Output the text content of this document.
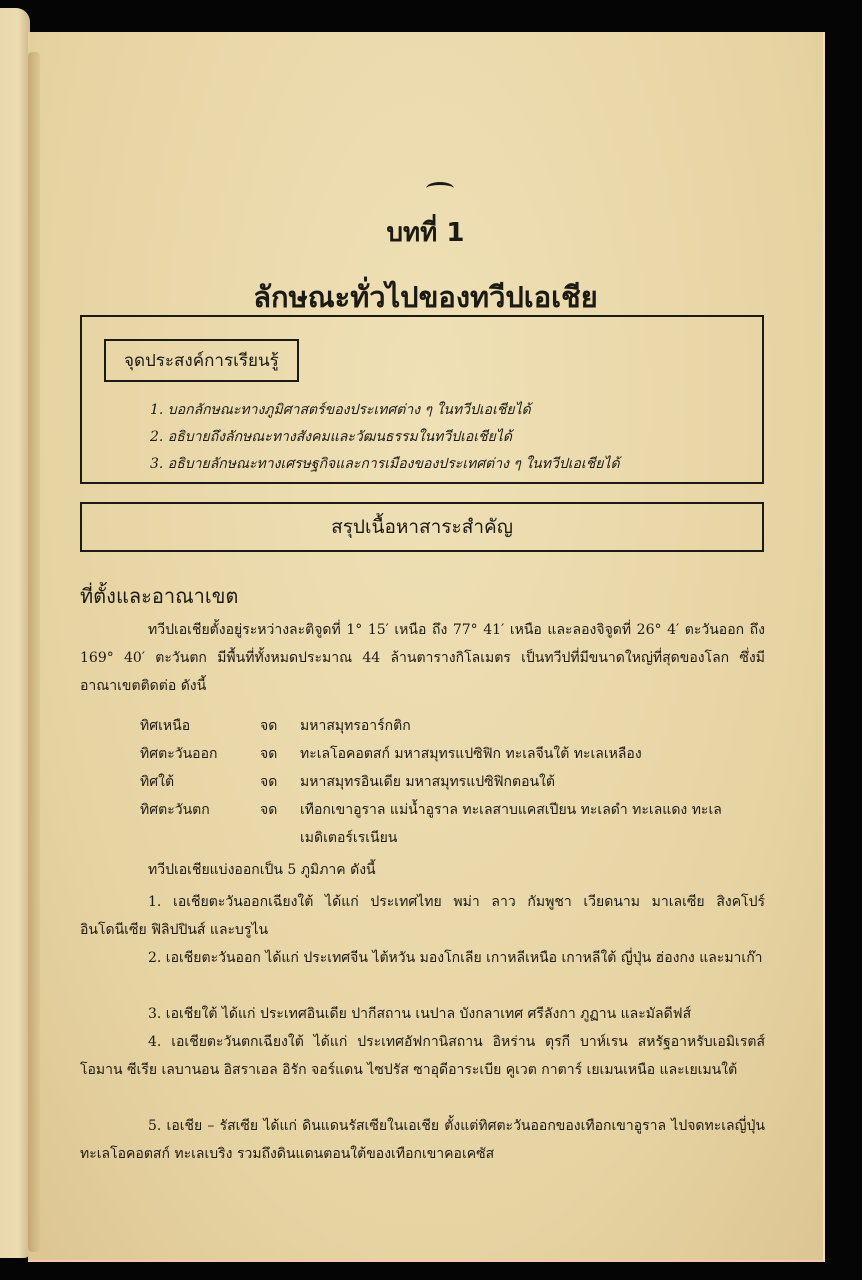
บทที่ 1
ลักษณะทั่วไปของทวีปเอเชีย
จุดประสงค์การเรียนรู้
1. บอกลักษณะทางภูมิศาสตร์ของประเทศต่าง ๆ ในทวีปเอเชียได้
2. อธิบายถึงลักษณะทางสังคมและวัฒนธรรมในทวีปเอเชียได้
3. อธิบายลักษณะทางเศรษฐกิจและการเมืองของประเทศต่าง ๆ ในทวีปเอเชียได้
สรุปเนื้อหาสาระสำคัญ
ที่ตั้งและอาณาเขต
ทวีปเอเชียตั้งอยู่ระหว่างละติจูดที่ 1° 15′ เหนือ ถึง 77° 41′ เหนือ และลองจิจูดที่ 26° 4′ ตะวันออก ถึง 169° 40′ ตะวันตก มีพื้นที่ทั้งหมดประมาณ 44 ล้านตารางกิโลเมตร เป็นทวีปที่มีขนาดใหญ่ที่สุดของโลก ซึ่งมีอาณาเขตติดต่อ ดังนี้
ทิศเหนือ	จด	มหาสมุทรอาร์กติก
ทิศตะวันออก	จด	ทะเลโอคอตสก์ มหาสมุทรแปซิฟิก ทะเลจีนใต้ ทะเลเหลือง
ทิศใต้	จด	มหาสมุทรอินเดีย มหาสมุทรแปซิฟิกตอนใต้
ทิศตะวันตก	จด	เทือกเขาอูราล แม่น้ำอูราล ทะเลสาบแคสเปียน ทะเลดำ ทะเลแดง ทะเลเมดิเตอร์เรเนียน
ทวีปเอเชียแบ่งออกเป็น 5 ภูมิภาค ดังนี้
1. เอเชียตะวันออกเฉียงใต้ ได้แก่ ประเทศไทย พม่า ลาว กัมพูชา เวียดนาม มาเลเซีย สิงคโปร์ อินโดนีเซีย ฟิลิปปินส์ และบรูไน
2. เอเชียตะวันออก ได้แก่ ประเทศจีน ไต้หวัน มองโกเลีย เกาหลีเหนือ เกาหลีใต้ ญี่ปุ่น ฮ่องกง และมาเก๊า
3. เอเชียใต้ ได้แก่ ประเทศอินเดีย ปากีสถาน เนปาล บังกลาเทศ ศรีลังกา ภูฏาน และมัลดีฟส์
4. เอเชียตะวันตกเฉียงใต้ ได้แก่ ประเทศอัฟกานิสถาน อิหร่าน ตุรกี บาห์เรน สหรัฐอาหรับเอมิเรตส์ โอมาน ซีเรีย เลบานอน อิสราเอล อิรัก จอร์แดน ไซปรัส ซาอุดีอาระเบีย คูเวต กาตาร์ เยเมนเหนือ และเยเมนใต้
5. เอเชีย – รัสเซีย ได้แก่ ดินแดนรัสเซียในเอเชีย ตั้งแต่ทิศตะวันออกของเทือกเขาอูราล ไปจดทะเลญี่ปุ่น ทะเลโอคอตสก์ ทะเลเบริง รวมถึงดินแดนตอนใต้ของเทือกเขาคอเคซัส
